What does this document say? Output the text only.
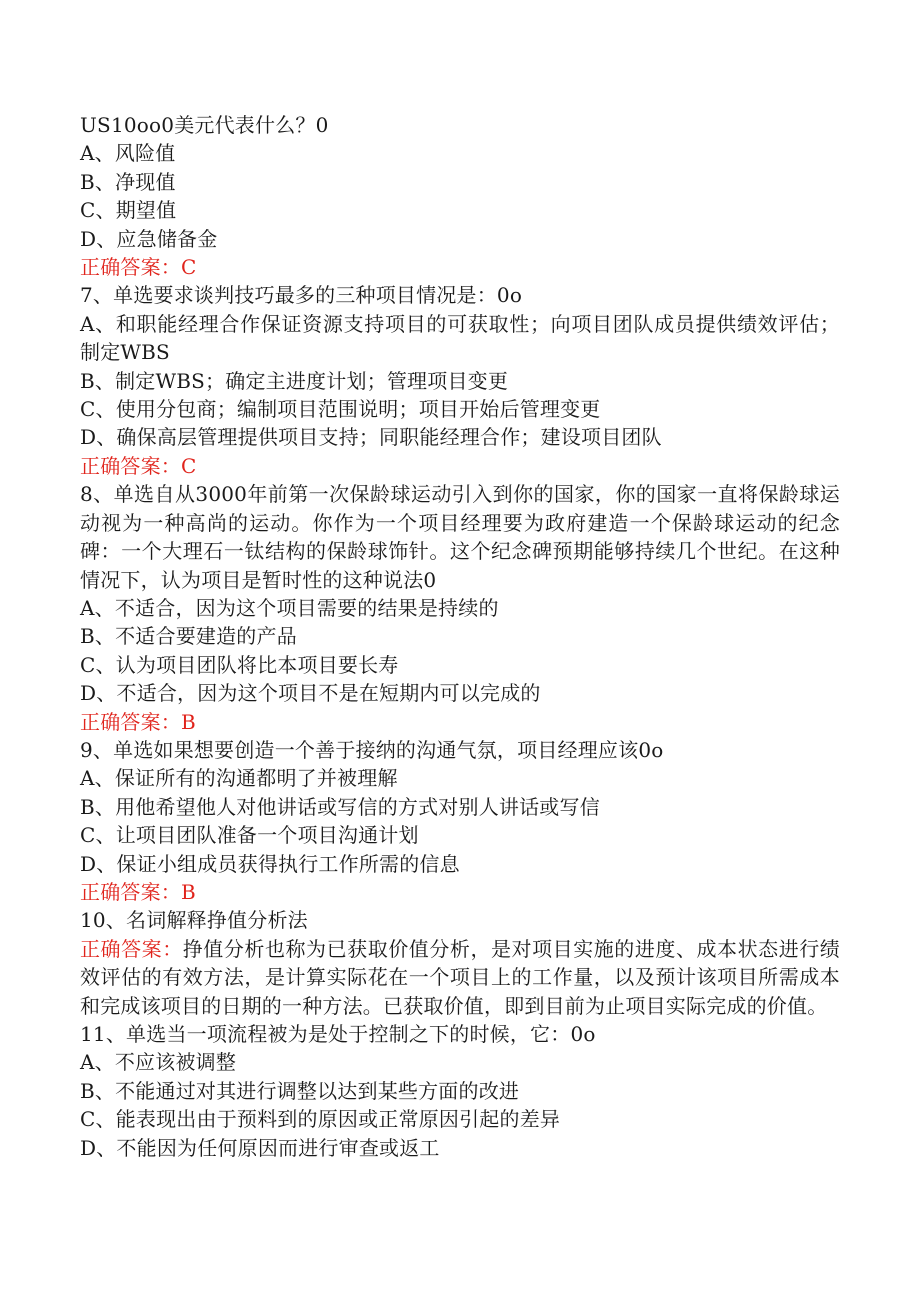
US10oo0美元代表什么？0
A、风险值
B、净现值
C、期望值
D、应急储备金
正确答案：C
7、单选要求谈判技巧最多的三种项目情况是：0o
A、和职能经理合作保证资源支持项目的可获取性；向项目团队成员提供绩效评估；制定WBS
B、制定WBS；确定主进度计划；管理项目变更
C、使用分包商；编制项目范围说明；项目开始后管理变更
D、确保高层管理提供项目支持；同职能经理合作；建设项目团队
正确答案：C
8、单选自从3000年前第一次保龄球运动引入到你的国家，你的国家一直将保龄球运动视为一种高尚的运动。你作为一个项目经理要为政府建造一个保龄球运动的纪念碑：一个大理石一钛结构的保龄球饰针。这个纪念碑预期能够持续几个世纪。在这种情况下，认为项目是暂时性的这种说法0
A、不适合，因为这个项目需要的结果是持续的
B、不适合要建造的产品
C、认为项目团队将比本项目要长寿
D、不适合，因为这个项目不是在短期内可以完成的
正确答案：B
9、单选如果想要创造一个善于接纳的沟通气氛，项目经理应该0o
A、保证所有的沟通都明了并被理解
B、用他希望他人对他讲话或写信的方式对别人讲话或写信
C、让项目团队准备一个项目沟通计划
D、保证小组成员获得执行工作所需的信息
正确答案：B
10、名词解释挣值分析法
正确答案：挣值分析也称为已获取价值分析，是对项目实施的进度、成本状态进行绩效评估的有效方法，是计算实际花在一个项目上的工作量，以及预计该项目所需成本和完成该项目的日期的一种方法。已获取价值，即到目前为止项目实际完成的价值。
11、单选当一项流程被为是处于控制之下的时候，它：0o
A、不应该被调整
B、不能通过对其进行调整以达到某些方面的改进
C、能表现出由于预料到的原因或正常原因引起的差异
D、不能因为任何原因而进行审查或返工
